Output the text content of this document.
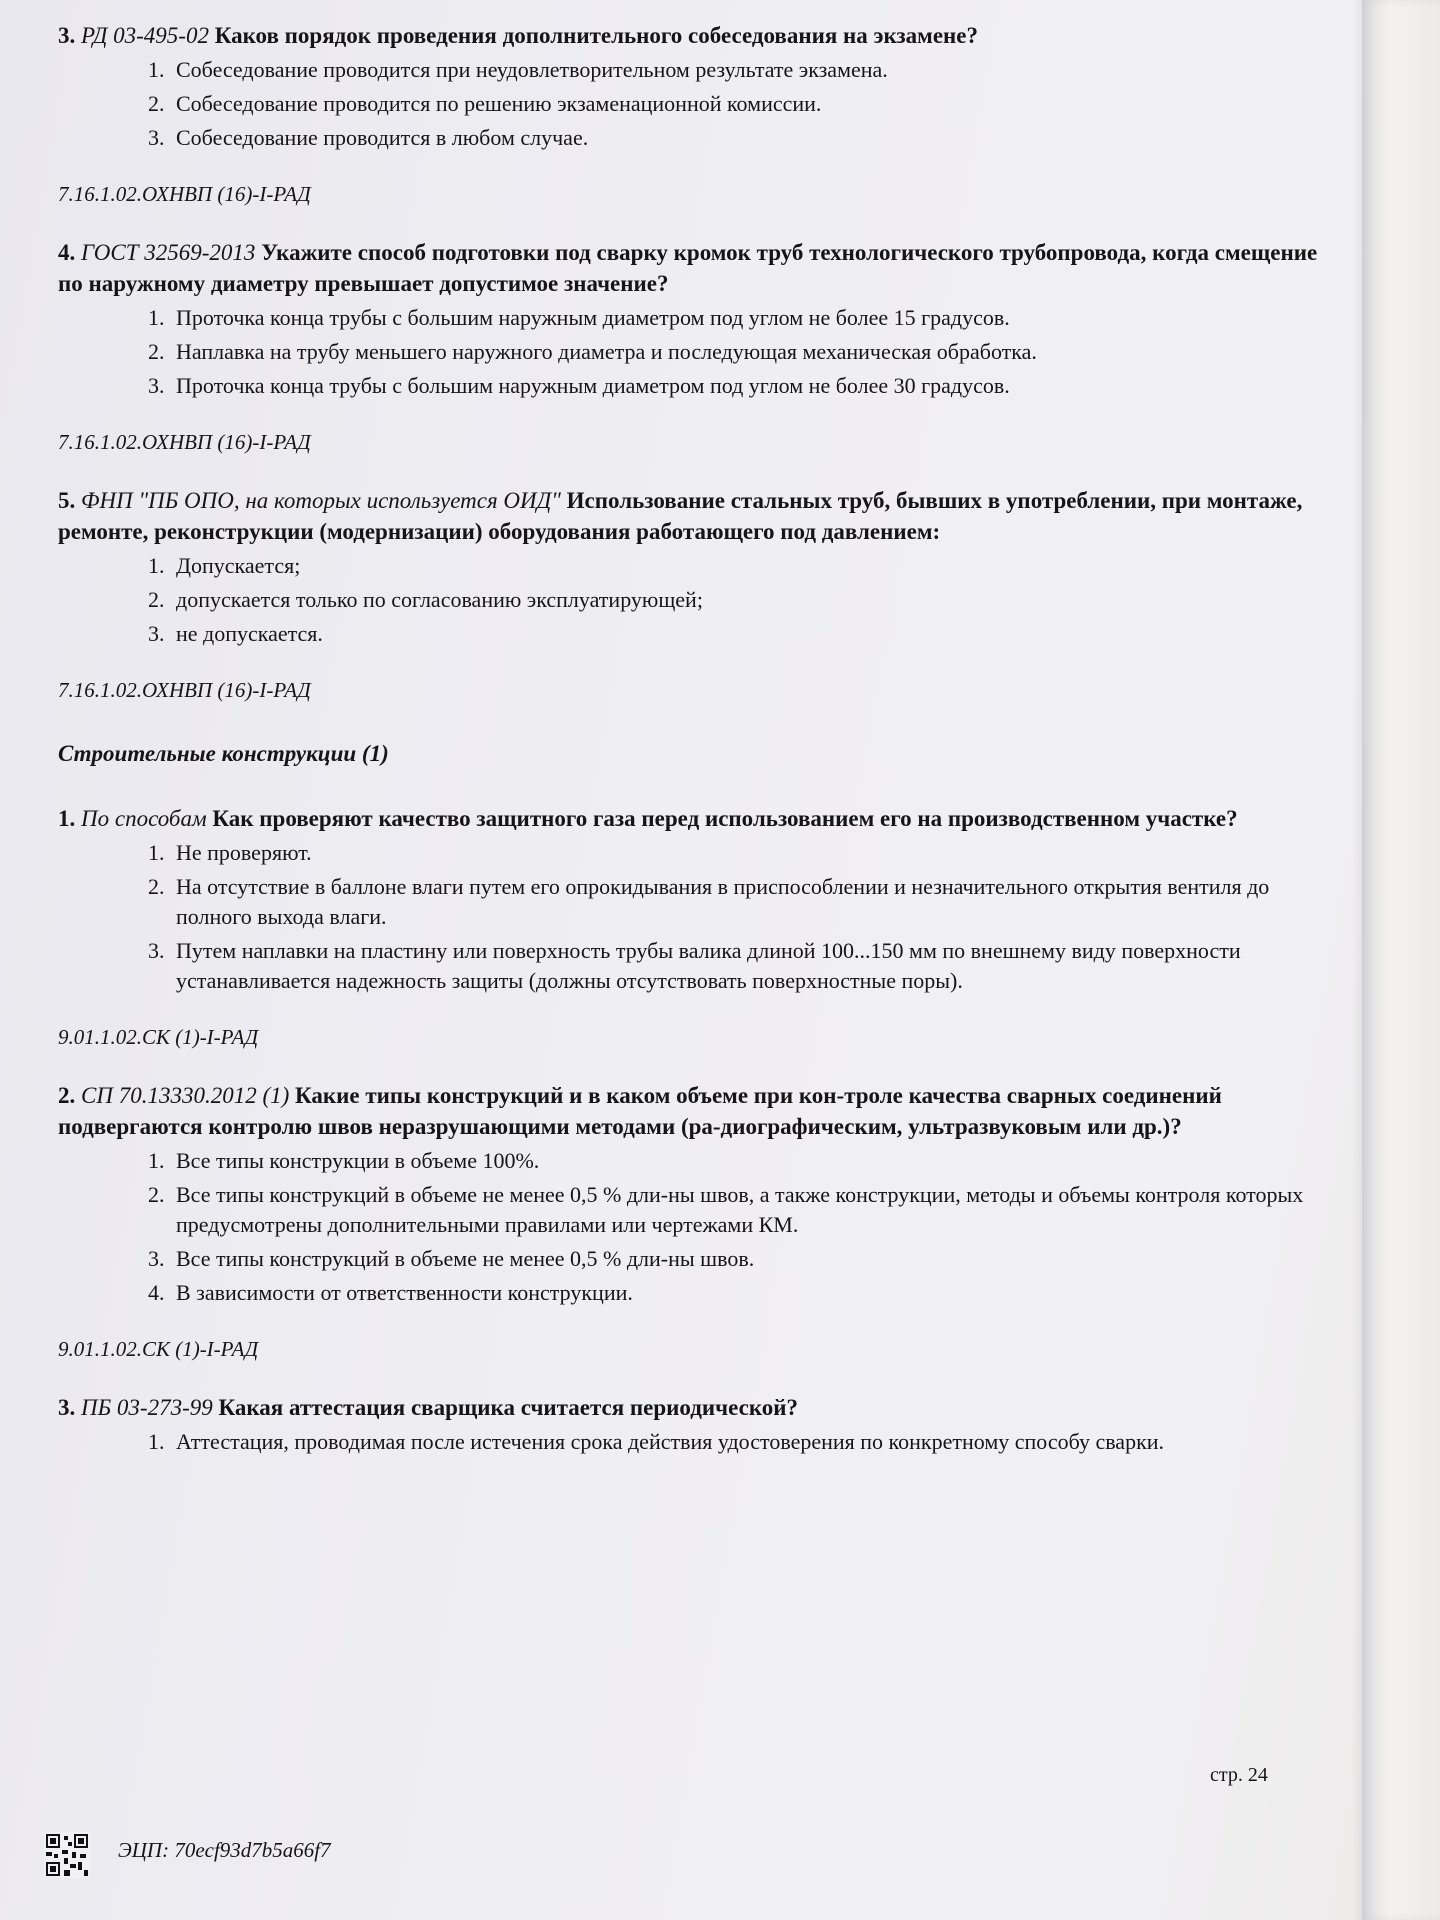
3. РД 03-495-02 Каков порядок проведения дополнительного собеседования на экзамене?
1. Собеседование проводится при неудовлетворительном результате экзамена.
2. Собеседование проводится по решению экзаменационной комиссии.
3. Собеседование проводится в любом случае.
7.16.1.02.ОХНВП (16)-I-РАД
4. ГОСТ 32569-2013 Укажите способ подготовки под сварку кромок труб технологического трубопровода, когда смещение по наружному диаметру превышает допустимое значение?
1. Проточка конца трубы с большим наружным диаметром под углом не более 15 градусов.
2. Наплавка на трубу меньшего наружного диаметра и последующая механическая обработка.
3. Проточка конца трубы с большим наружным диаметром под углом не более 30 градусов.
7.16.1.02.ОХНВП (16)-I-РАД
5. ФНП "ПБ ОПО, на которых используется ОИД" Использование стальных труб, бывших в употреблении, при монтаже, ремонте, реконструкции (модернизации) оборудования работающего под давлением:
1. Допускается;
2. допускается только по согласованию эксплуатирующей;
3. не допускается.
7.16.1.02.ОХНВП (16)-I-РАД
Строительные конструкции (1)
1. По способам Как проверяют качество защитного газа перед использованием его на производственном участке?
1. Не проверяют.
2. На отсутствие в баллоне влаги путем его опрокидывания в приспособлении и незначительного открытия вентиля до полного выхода влаги.
3. Путем наплавки на пластину или поверхность трубы валика длиной 100...150 мм по внешнему виду поверхности устанавливается надежность защиты (должны отсутствовать поверхностные поры).
9.01.1.02.СК (1)-I-РАД
2. СП 70.13330.2012 (1) Какие типы конструкций и в каком объеме при кон-троле качества сварных соединений подвергаются контролю швов неразрушающими методами (ра-диографическим, ультразвуковым или др.)?
1. Все типы конструкции в объеме 100%.
2. Все типы конструкций в объеме не менее 0,5 % дли-ны швов, а также конструкции, методы и объемы контроля которых предусмотрены дополнительными правилами или чертежами КМ.
3. Все типы конструкций в объеме не менее 0,5 % дли-ны швов.
4. В зависимости от ответственности конструкции.
9.01.1.02.СК (1)-I-РАД
3. ПБ 03-273-99 Какая аттестация сварщика считается периодической?
1. Аттестация, проводимая после истечения срока действия удостоверения по конкретному способу сварки.
стр. 24
ЭЦП: 70ecf93d7b5a66f7
